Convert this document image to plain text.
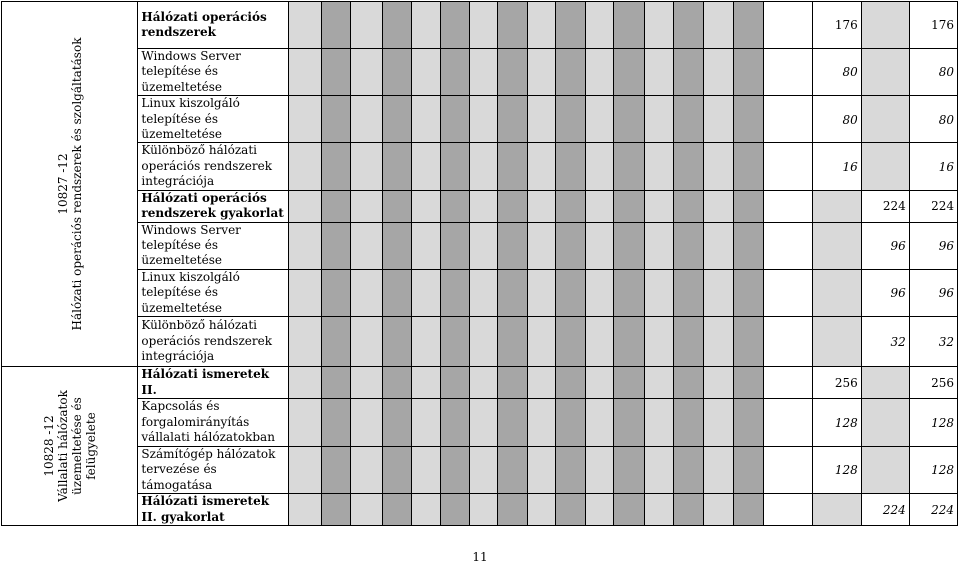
10827 -12 Hálózati operációs rendszerek és szolgáltatások	Hálózati operációs rendszerek																		176		176
	Windows Server telepítése és üzemeltetése																		80		80
	Linux kiszolgáló telepítése és üzemeltetése																		80		80
	Különböző hálózati operációs rendszerek integrációja																		16		16
	Hálózati operációs rendszerek gyakorlat																			224	224
	Windows Server telepítése és üzemeltetése																			96	96
	Linux kiszolgáló telepítése és üzemeltetése																			96	96
	Különböző hálózati operációs rendszerek integrációja																			32	32

10828 -12 Vállalati hálózatok üzemeltetése és felügyelete	Hálózati ismeretek II.																		256		256
	Kapcsolás és forgalomirányítás vállalati hálózatokban																		128		128
	Számítógép hálózatok tervezése és támogatása																		128		128
	Hálózati ismeretek II. gyakorlat																			224	224
11
